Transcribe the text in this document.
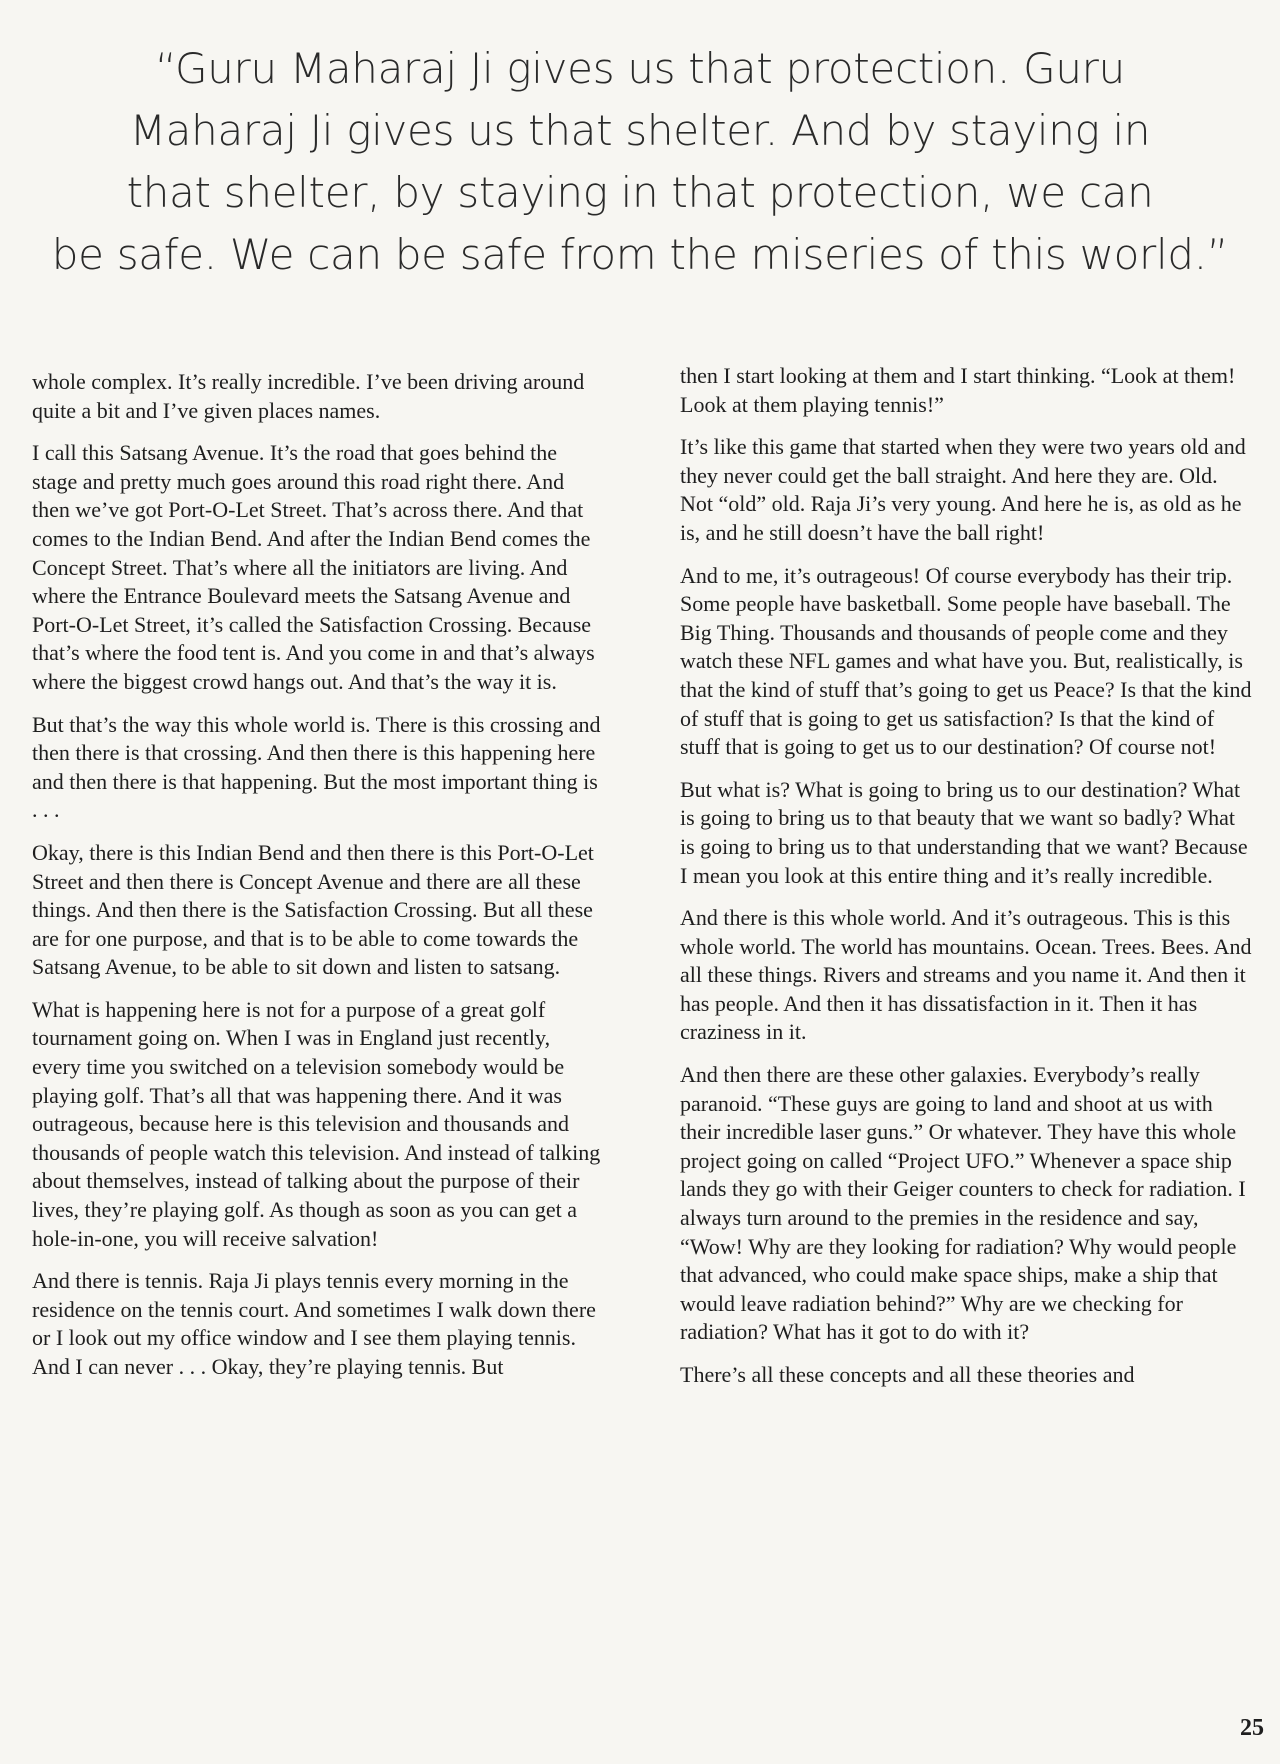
“Guru Maharaj Ji gives us that protection. Guru
Maharaj Ji gives us that shelter. And by staying in
that shelter, by staying in that protection, we can
be safe. We can be safe from the miseries of this world.”

whole complex. It’s really incredible. I’ve been driving around quite a bit and I’ve given places names.

I call this Satsang Avenue. It’s the road that goes behind the stage and pretty much goes around this road right there. And then we’ve got Port-O-Let Street. That’s across there. And that comes to the Indian Bend. And after the Indian Bend comes the Concept Street. That’s where all the initiators are living. And where the Entrance Boulevard meets the Satsang Avenue and Port-O-Let Street, it’s called the Satisfaction Crossing. Because that’s where the food tent is. And you come in and that’s always where the biggest crowd hangs out. And that’s the way it is.

But that’s the way this whole world is. There is this crossing and then there is that crossing. And then there is this happening here and then there is that happening. But the most important thing is . . .

Okay, there is this Indian Bend and then there is this Port-O-Let Street and then there is Concept Avenue and there are all these things. And then there is the Satisfaction Crossing. But all these are for one purpose, and that is to be able to come towards the Satsang Avenue, to be able to sit down and listen to satsang.

What is happening here is not for a purpose of a great golf tournament going on. When I was in England just recently, every time you switched on a television somebody would be playing golf. That’s all that was happening there. And it was outrageous, because here is this television and thousands and thousands of people watch this television. And instead of talking about themselves, instead of talking about the purpose of their lives, they’re playing golf. As though as soon as you can get a hole-in-one, you will receive salvation!

And there is tennis. Raja Ji plays tennis every morning in the residence on the tennis court. And sometimes I walk down there or I look out my office window and I see them playing tennis. And I can never . . . Okay, they’re playing tennis. But

then I start looking at them and I start thinking. “Look at them! Look at them playing tennis!”

It’s like this game that started when they were two years old and they never could get the ball straight. And here they are. Old. Not “old” old. Raja Ji’s very young. And here he is, as old as he is, and he still doesn’t have the ball right!

And to me, it’s outrageous! Of course everybody has their trip. Some people have basketball. Some people have baseball. The Big Thing. Thousands and thousands of people come and they watch these NFL games and what have you. But, realistically, is that the kind of stuff that’s going to get us Peace? Is that the kind of stuff that is going to get us satisfaction? Is that the kind of stuff that is going to get us to our destination? Of course not!

But what is? What is going to bring us to our destination? What is going to bring us to that beauty that we want so badly? What is going to bring us to that understanding that we want? Because I mean you look at this entire thing and it’s really incredible.

And there is this whole world. And it’s outrageous. This is this whole world. The world has mountains. Ocean. Trees. Bees. And all these things. Rivers and streams and you name it. And then it has people. And then it has dissatisfaction in it. Then it has craziness in it.

And then there are these other galaxies. Everybody’s really paranoid. “These guys are going to land and shoot at us with their incredible laser guns.” Or whatever. They have this whole project going on called “Project UFO.” Whenever a space ship lands they go with their Geiger counters to check for radiation. I always turn around to the premies in the residence and say, “Wow! Why are they looking for radiation? Why would people that advanced, who could make space ships, make a ship that would leave radiation behind?” Why are we checking for radiation? What has it got to do with it?

There’s all these concepts and all these theories and

25
